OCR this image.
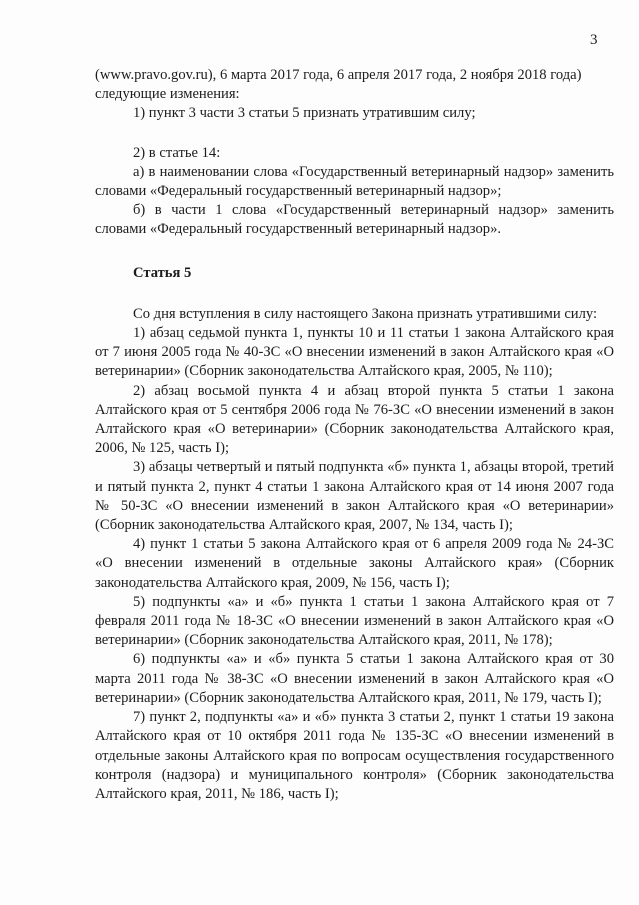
3

(www.pravo.gov.ru), 6 марта 2017 года, 6 апреля 2017 года, 2 ноября 2018 года)

следующие изменения:

1) пункт 3 части 3 статьи 5 признать утратившим силу;

2) в статье 14:

а) в наименовании слова «Государственный ветеринарный надзор» заменить словами «Федеральный государственный ветеринарный надзор»;

б) в части 1 слова «Государственный ветеринарный надзор» заменить словами «Федеральный государственный ветеринарный надзор».

Статья 5

Со дня вступления в силу настоящего Закона признать утратившими силу:

1) абзац седьмой пункта 1, пункты 10 и 11 статьи 1 закона Алтайского края от 7 июня 2005 года № 40-ЗС «О внесении изменений в закон Алтайского края «О ветеринарии» (Сборник законодательства Алтайского края, 2005, № 110);

2) абзац восьмой пункта 4 и абзац второй пункта 5 статьи 1 закона Алтайского края от 5 сентября 2006 года № 76-ЗС «О внесении изменений в закон Алтайского края «О ветеринарии» (Сборник законодательства Алтайского края, 2006, № 125, часть I);

3) абзацы четвертый и пятый подпункта «б» пункта 1, абзацы второй, третий и пятый пункта 2, пункт 4 статьи 1 закона Алтайского края от 14 июня 2007 года № 50-ЗС «О внесении изменений в закон Алтайского края «О ветеринарии» (Сборник законодательства Алтайского края, 2007, № 134, часть I);

4) пункт 1 статьи 5 закона Алтайского края от 6 апреля 2009 года № 24-ЗС «О внесении изменений в отдельные законы Алтайского края» (Сборник законодательства Алтайского края, 2009, № 156, часть I);

5) подпункты «а» и «б» пункта 1 статьи 1 закона Алтайского края от 7 февраля 2011 года № 18-ЗС «О внесении изменений в закон Алтайского края «О ветеринарии» (Сборник законодательства Алтайского края, 2011, № 178);

6) подпункты «а» и «б» пункта 5 статьи 1 закона Алтайского края от 30 марта 2011 года № 38-ЗС «О внесении изменений в закон Алтайского края «О ветеринарии» (Сборник законодательства Алтайского края, 2011, № 179, часть I);

7) пункт 2, подпункты «а» и «б» пункта 3 статьи 2, пункт 1 статьи 19 закона Алтайского края от 10 октября 2011 года № 135-ЗС «О внесении изменений в отдельные законы Алтайского края по вопросам осуществления государственного контроля (надзора) и муниципального контроля» (Сборник законодательства Алтайского края, 2011, № 186, часть I);
